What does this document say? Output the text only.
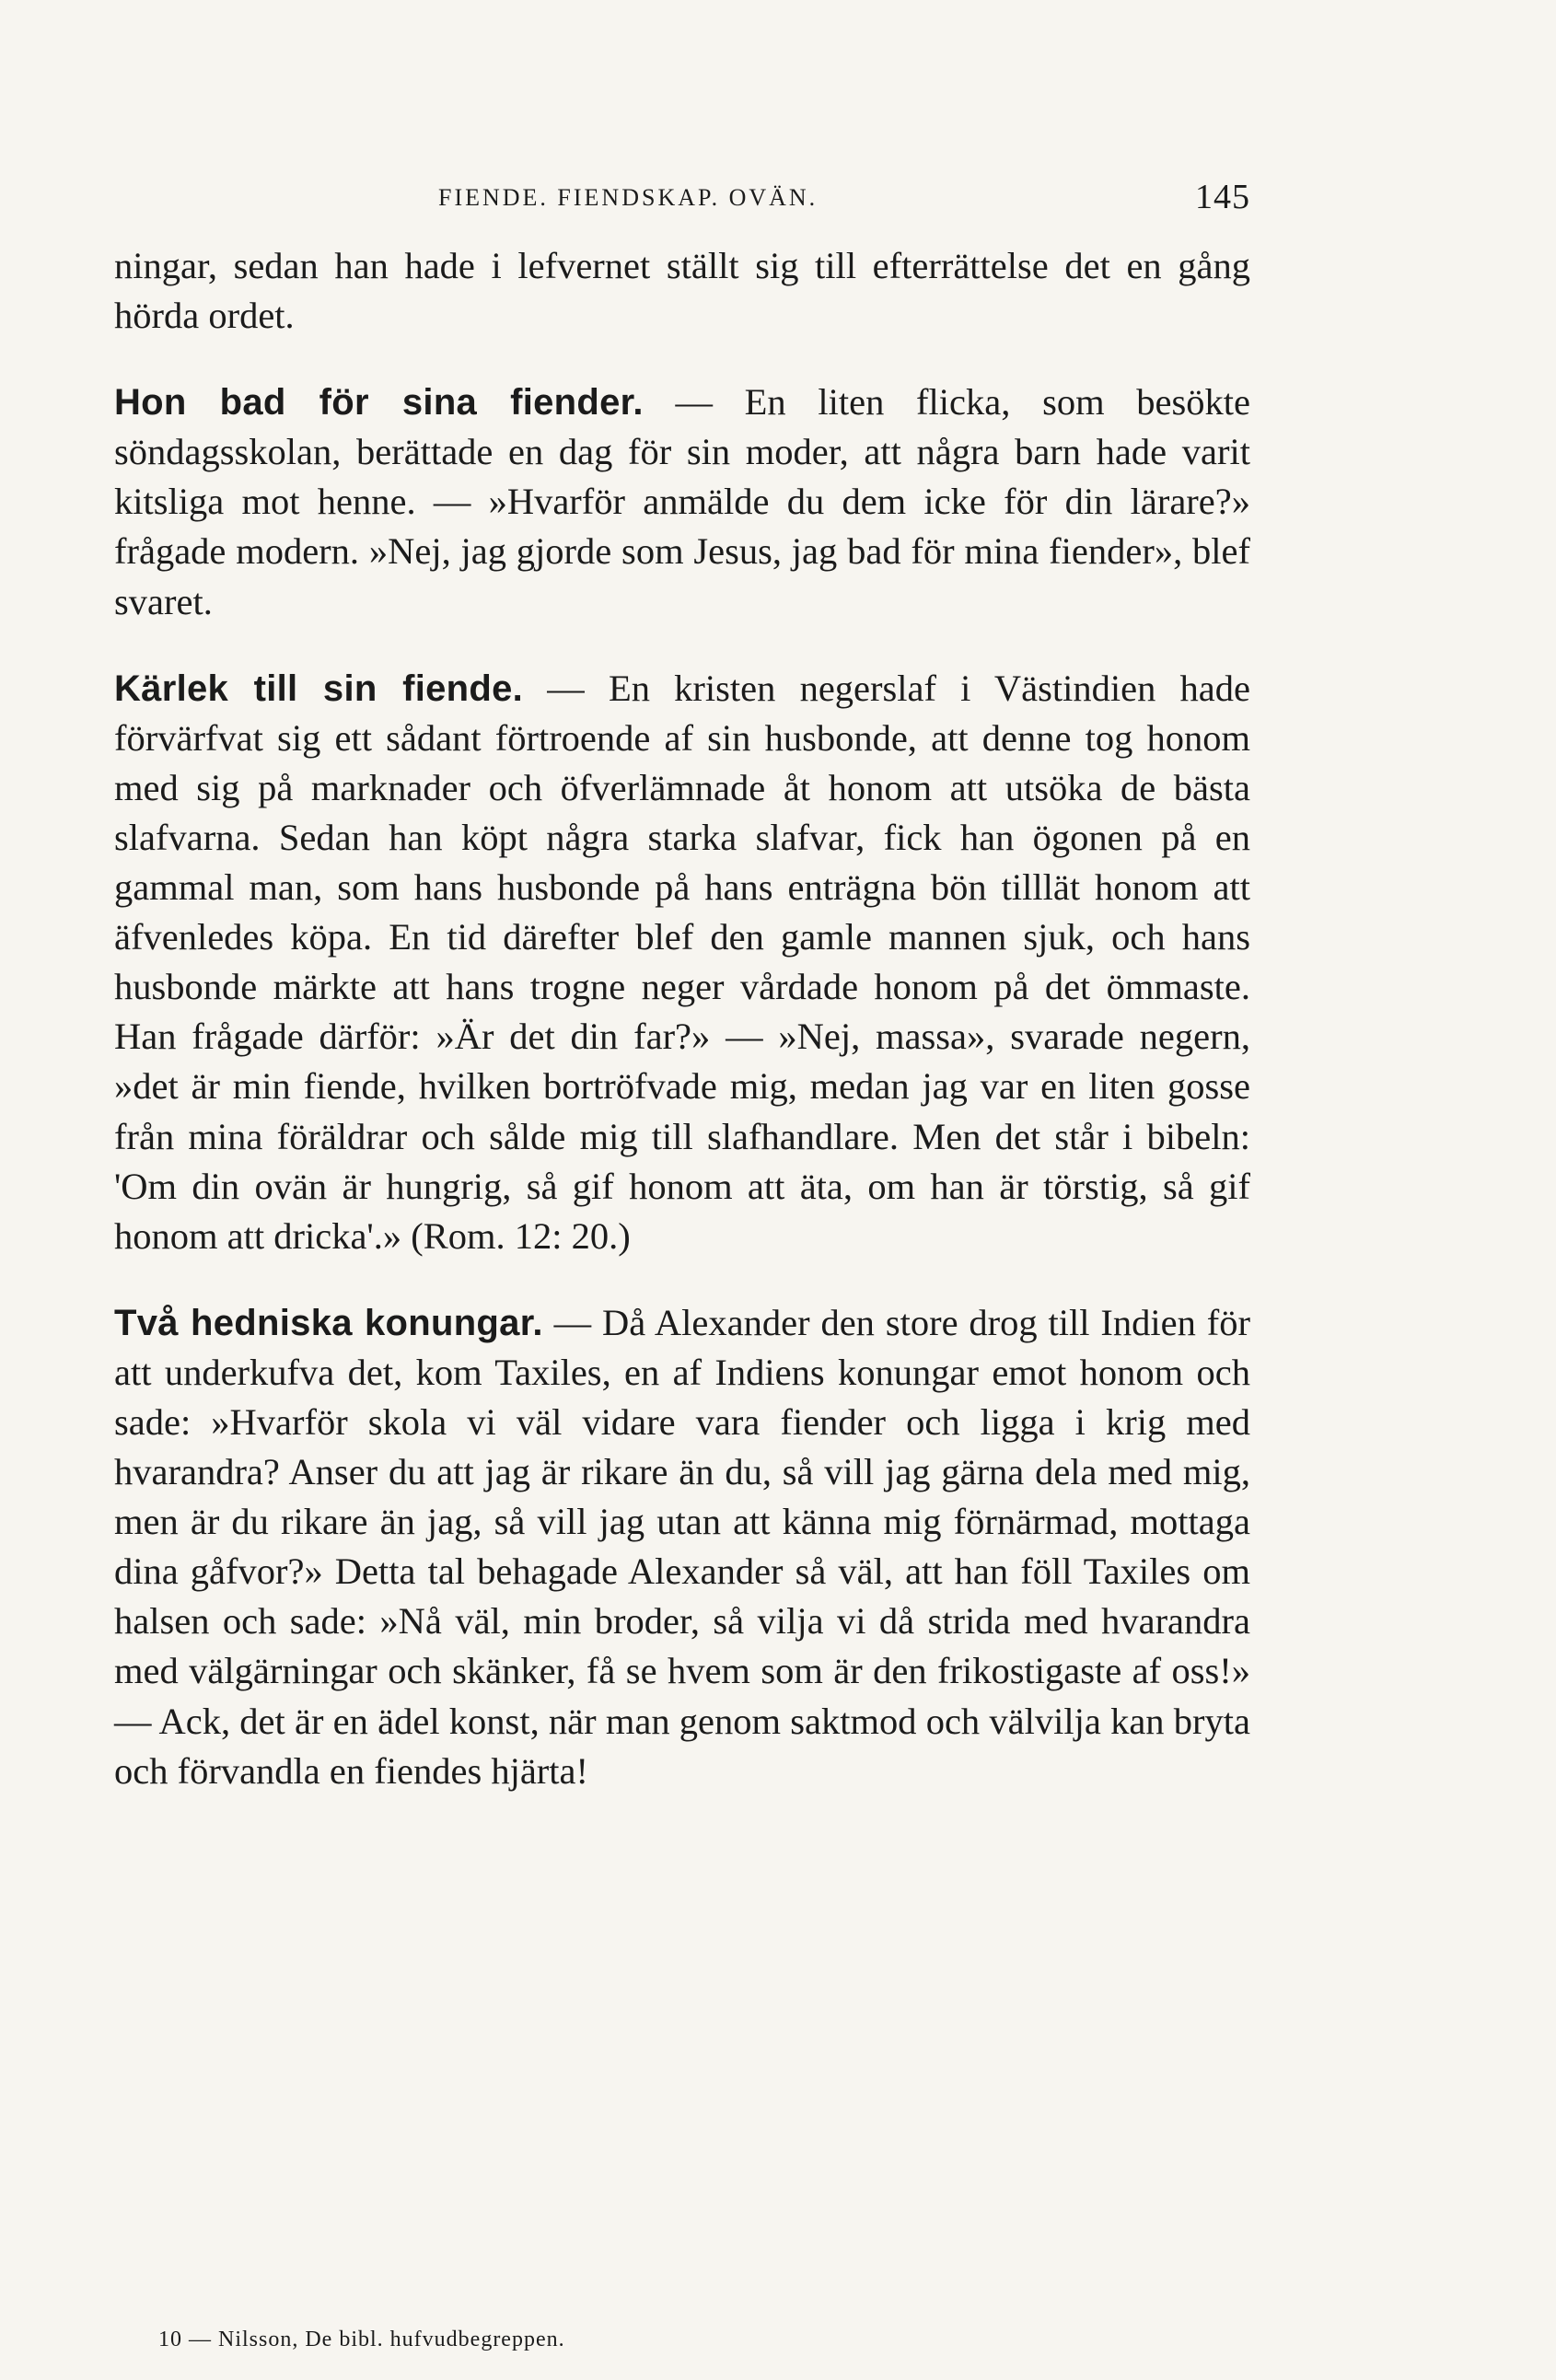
FIENDE. FIENDSKAP. OVÄN.	145

ningar, sedan han hade i lefvernet ställt sig till efterrättelse det en gång hörda ordet.

Hon bad för sina fiender. — En liten flicka, som besökte söndagsskolan, berättade en dag för sin moder, att några barn hade varit kitsliga mot henne. — »Hvarför anmälde du dem icke för din lärare?» frågade modern. »Nej, jag gjorde som Jesus, jag bad för mina fiender», blef svaret.

Kärlek till sin fiende. — En kristen negerslaf i Västindien hade förvärfvat sig ett sådant förtroende af sin husbonde, att denne tog honom med sig på marknader och öfverlämnade åt honom att utsöka de bästa slafvarna. Sedan han köpt några starka slafvar, fick han ögonen på en gammal man, som hans husbonde på hans enträgna bön tilllät honom att äfvenledes köpa. En tid därefter blef den gamle mannen sjuk, och hans husbonde märkte att hans trogne neger vårdade honom på det ömmaste. Han frågade därför: »Är det din far?» — »Nej, massa», svarade negern, »det är min fiende, hvilken bortröfvade mig, medan jag var en liten gosse från mina föräldrar och sålde mig till slafhandlare. Men det står i bibeln: 'Om din ovän är hungrig, så gif honom att äta, om han är törstig, så gif honom att dricka'.» (Rom. 12: 20.)

Två hedniska konungar. — Då Alexander den store drog till Indien för att underkufva det, kom Taxiles, en af Indiens konungar emot honom och sade: »Hvarför skola vi väl vidare vara fiender och ligga i krig med hvarandra? Anser du att jag är rikare än du, så vill jag gärna dela med mig, men är du rikare än jag, så vill jag utan att känna mig förnärmad, mottaga dina gåfvor?» Detta tal behagade Alexander så väl, att han föll Taxiles om halsen och sade: »Nå väl, min broder, så vilja vi då strida med hvarandra med välgärningar och skänker, få se hvem som är den frikostigaste af oss!» — Ack, det är en ädel konst, när man genom saktmod och välvilja kan bryta och förvandla en fiendes hjärta!

10 — Nilsson, De bibl. hufvudbegreppen.
